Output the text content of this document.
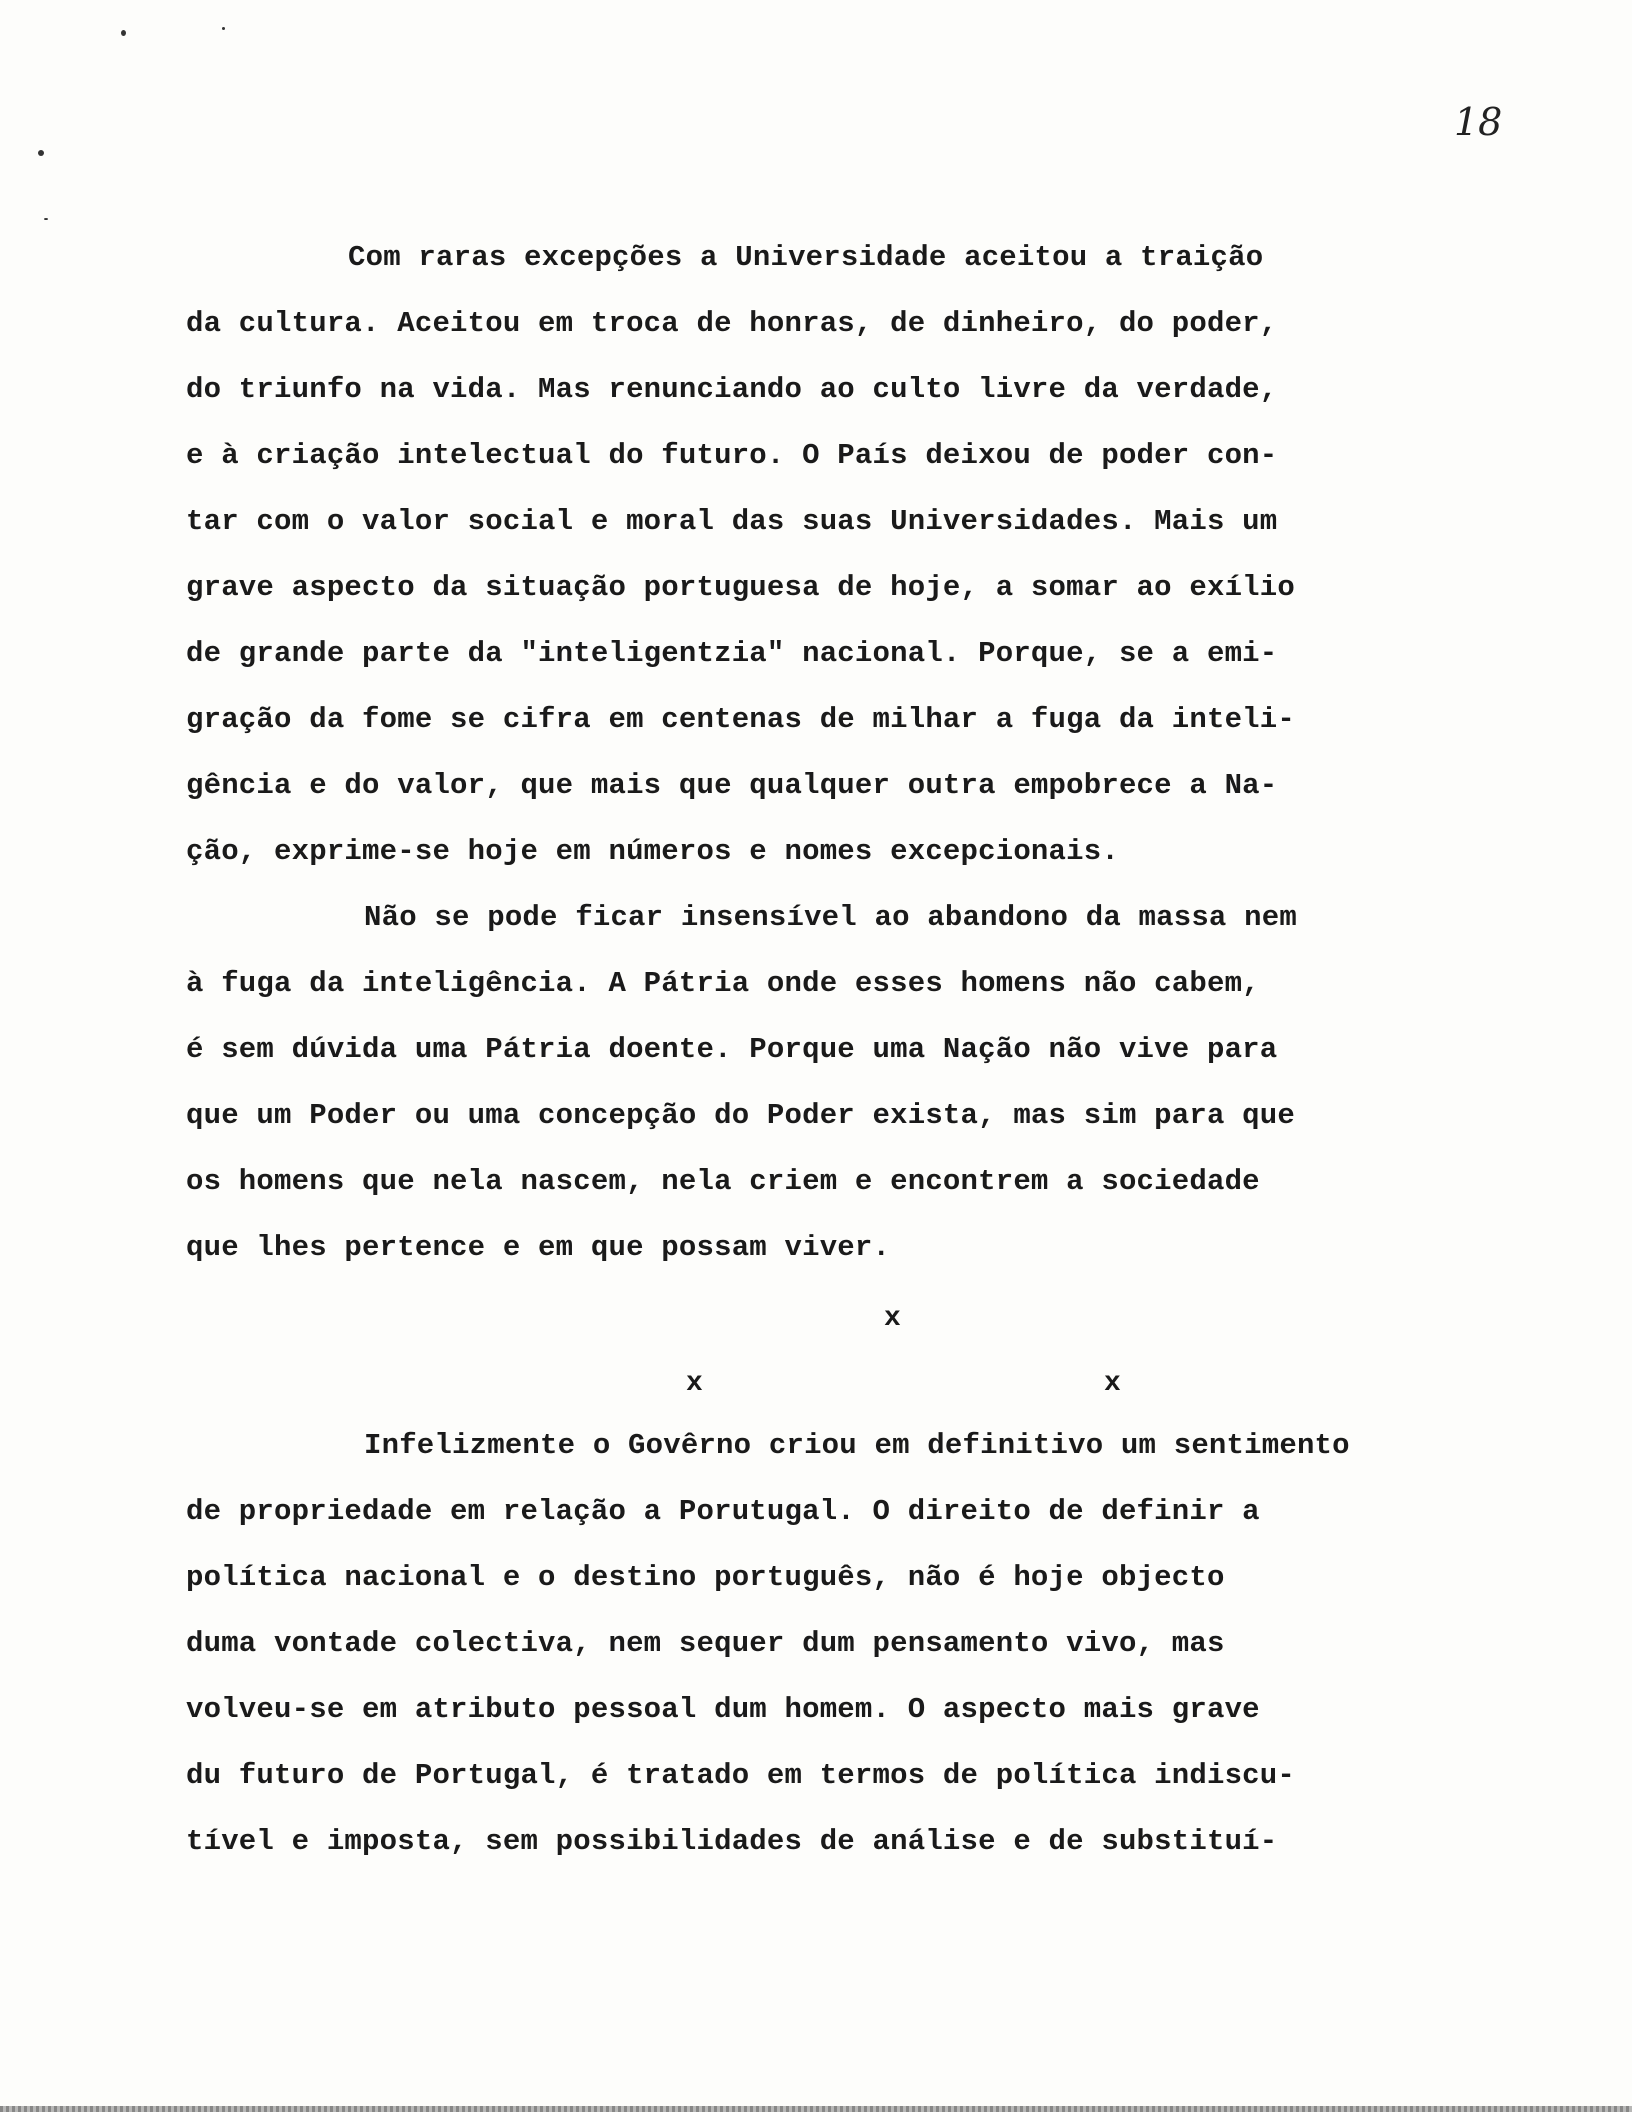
18
Com raras excepções a Universidade aceitou a traição
da cultura. Aceitou em troca de honras, de dinheiro, do poder,
do triunfo na vida. Mas renunciando ao culto livre da verdade,
e à criação intelectual do futuro. O País deixou de poder con-
tar com o valor social e moral das suas Universidades. Mais um
grave aspecto da situação portuguesa de hoje, a somar ao exílio
de grande parte da "inteligentzia" nacional. Porque, se a emi-
gração da fome se cifra em centenas de milhar a fuga da inteli-
gência e do valor, que mais que qualquer outra empobrece a Na-
ção, exprime-se hoje em números e nomes excepcionais.
Não se pode ficar insensível ao abandono da massa nem
à fuga da inteligência. A Pátria onde esses homens não cabem,
é sem dúvida uma Pátria doente. Porque uma Nação não vive para
que um Poder ou uma concepção do Poder exista, mas sim para que
os homens que nela nascem, nela criem e encontrem a sociedade
que lhes pertence e em que possam viver.
x
x	x
Infelizmente o Govêrno criou em definitivo um sentimento
de propriedade em relação a Porutugal. O direito de definir a
política nacional e o destino português, não é hoje objecto
duma vontade colectiva, nem sequer dum pensamento vivo, mas
volveu-se em atributo pessoal dum homem. O aspecto mais grave
du futuro de Portugal, é tratado em termos de política indiscu-
tível e imposta, sem possibilidades de análise e de substituí-
